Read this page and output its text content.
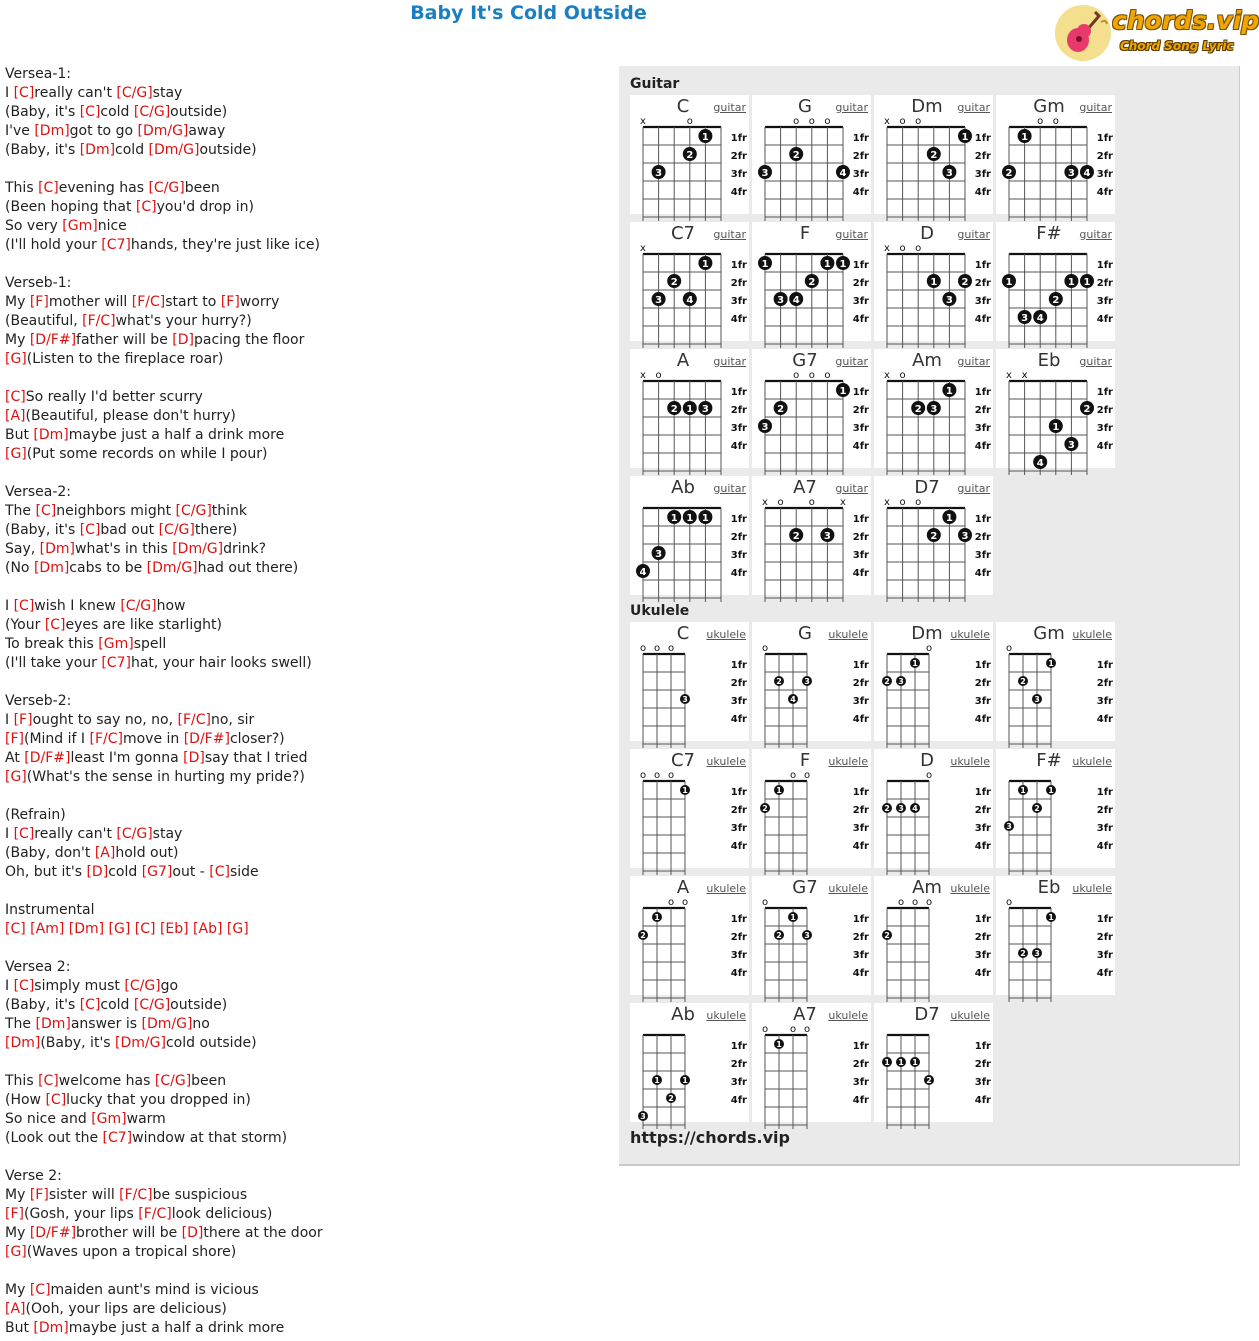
Baby It's Cold Outside	chords.vip
Chord Song Lyric
Versea-1:
I [C]really can't [C/G]stay
(Baby, it's [C]cold [C/G]outside)
I've [Dm]got to go [Dm/G]away
(Baby, it's [Dm]cold [Dm/G]outside)

This [C]evening has [C/G]been
(Been hoping that [C]you'd drop in)
So very [Gm]nice
(I'll hold your [C7]hands, they're just like ice)

Verseb-1:
My [F]mother will [F/C]start to [F]worry
(Beautiful, [F/C]what's your hurry?)
My [D/F#]father will be [D]pacing the floor
[G](Listen to the fireplace roar)

[C]So really I'd better scurry
[A](Beautiful, please don't hurry)
But [Dm]maybe just a half a drink more
[G](Put some records on while I pour)

Versea-2:
The [C]neighbors might [C/G]think
(Baby, it's [C]bad out [C/G]there)
Say, [Dm]what's in this [Dm/G]drink?
(No [Dm]cabs to be [Dm/G]had out there)

I [C]wish I knew [C/G]how
(Your [C]eyes are like starlight)
To break this [Gm]spell
(I'll take your [C7]hat, your hair looks swell)

Verseb-2:
I [F]ought to say no, no, [F/C]no, sir
[F](Mind if I [F/C]move in [D/F#]closer?)
At [D/F#]least I'm gonna [D]say that I tried
[G](What's the sense in hurting my pride?)

(Refrain)
I [C]really can't [C/G]stay
(Baby, don't [A]hold out)
Oh, but it's [D]cold [G7]out - [C]side

Instrumental
[C] [Am] [Dm] [G] [C] [Eb] [Ab] [G]

Versea 2:
I [C]simply must [C/G]go
(Baby, it's [C]cold [C/G]outside)
The [Dm]answer is [Dm/G]no
[Dm](Baby, it's [Dm/G]cold outside)

This [C]welcome has [C/G]been
(How [C]lucky that you dropped in)
So nice and [Gm]warm
(Look out the [C7]window at that storm)

Verse 2:
My [F]sister will [F/C]be suspicious
[F](Gosh, your lips [F/C]look delicious)
My [D/F#]brother will be [D]there at the door
[G](Waves upon a tropical shore)

My [C]maiden aunt's mind is vicious
[A](Ooh, your lips are delicious)
But [Dm]maybe just a half a drink more
Guitar
1fr
2fr
3fr
4fr
x	o
1
2
3
C	guitar
1fr
2fr
3fr
4fr
o o o
2
3	4
G	guitar
1fr
2fr
3fr
4fr
x o o
1
2
3
Dm	guitar
1fr
2fr
3fr
4fr
o o
1
2	3 4
Gm	guitar
1fr
2fr
3fr
4fr
x
1
2
3 4
C7	guitar
1fr
2fr
3fr
4fr
1	1 1
2
3 4
F	guitar
1fr
2fr
3fr
4fr
x o o
1 2
3
D	guitar
1fr
2fr
3fr
4fr
1	1 1
2
3 4
F#	guitar
1fr
2fr
3fr
4fr
x o
2 1 3
A	guitar
1fr
2fr
3fr
4fr
o o o
1
2
3
G7	guitar
1fr
2fr
3fr
4fr
x o
1
2 3
Am	guitar
1fr
2fr
3fr
4fr
x x
2
1
3
4
Eb	guitar
1fr
2fr
3fr
4fr
1 1 1
3
4
Ab	guitar
1fr
2fr
3fr
4fr
x o	o	x
2 3
A7	guitar
1fr
2fr
3fr
4fr
x o o
1
2 3
D7	guitar
Ukulele
1fr
2fr
3fr
4fr
o o o
3
C	ukulele
1fr
2fr
3fr
4fr
o
2	3
4
G	ukulele
1fr
2fr
3fr
4fr
o
2 3
1
Dm ukulele
1fr
2fr
3fr
4fr
o
2
3
1
Gm ukulele
1fr
2fr
3fr
4fr
o o o
1
C7	ukulele
1fr
2fr
3fr
4fr
o o
2
1
F	ukulele
1fr
2fr
3fr
4fr
o
2 3 4
D	ukulele
1fr
2fr
3fr
4fr
3
1
2
1
F# ukulele
1fr
2fr
3fr
4fr
o o
2
1
A	ukulele
1fr
2fr
3fr
4fr
o
2
1
3
G7 ukulele
1fr
2fr
3fr
4fr
o o o
2
Am ukulele
1fr
2fr
3fr
4fr
o
2 3
1
Eb	ukulele
1fr
2fr
3fr
4fr
3
1
2
1
Ab	ukulele
1fr
2fr
3fr
4fr
o o o
1
A7	ukulele
1fr
2fr
3fr
4fr
1 1 1
2
D7 ukulele
https://chords.vip
